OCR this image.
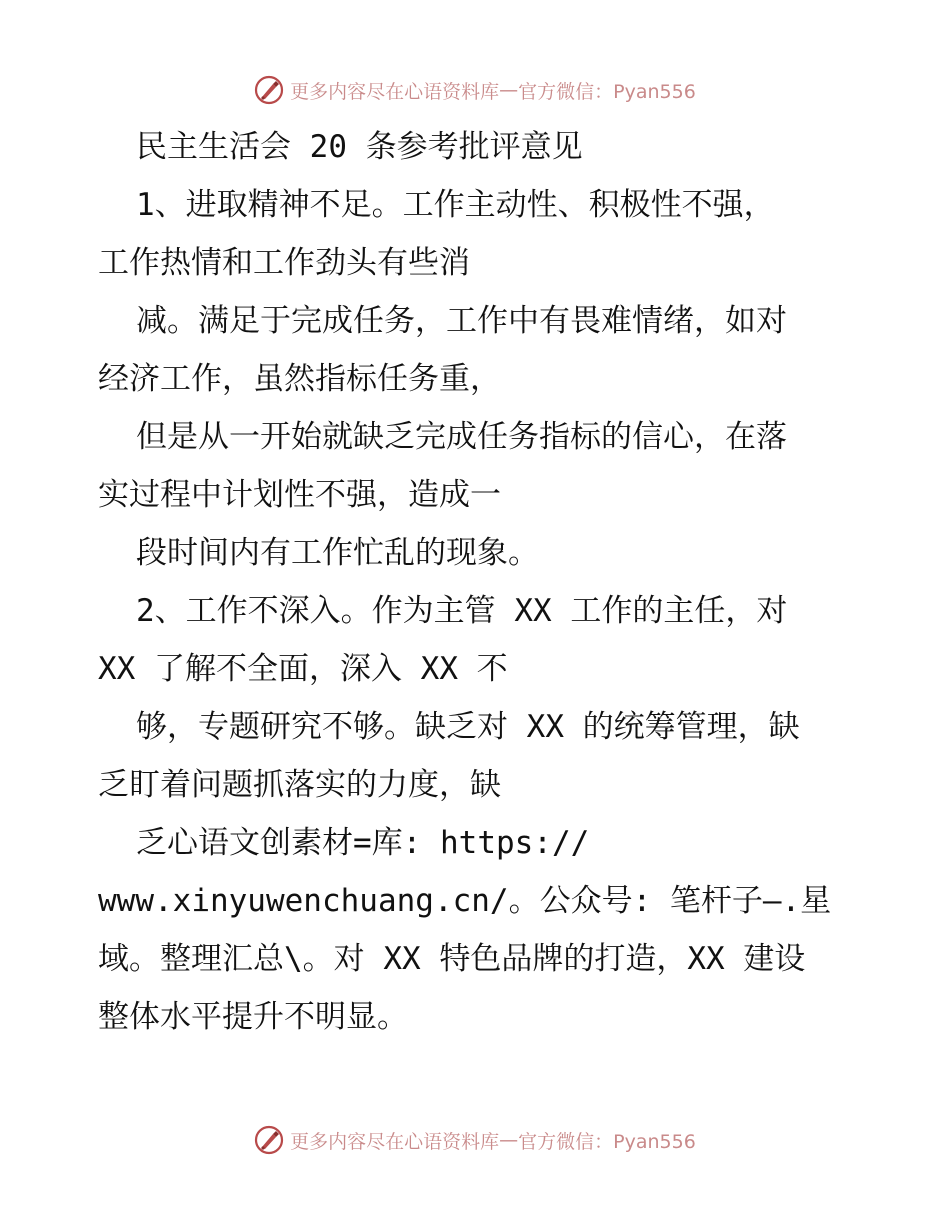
更多内容尽在心语资料库 — 官方微信：Pyan556
民主生活会 20 条参考批评意见
1、进取精神不足。工作主动性、积极性不强，
工作热情和工作劲头有些消
减。满足于完成任务，工作中有畏难情绪，如对
经济工作，虽然指标任务重，
但是从一开始就缺乏完成任务指标的信心，在落
实过程中计划性不强，造成一
段时间内有工作忙乱的现象。
2、工作不深入。作为主管 XX 工作的主任，对
XX 了解不全面，深入 XX 不
够，专题研究不够。缺乏对 XX 的统筹管理，缺
乏盯着问题抓落实的力度，缺
乏心语文创素材=库: https://
www.xinyuwenchuang.cn/。公众号: 笔杆子—.星
域。整理汇总\。对 XX 特色品牌的打造，XX 建设
整体水平提升不明显。
更多内容尽在心语资料库 — 官方微信：Pyan556
